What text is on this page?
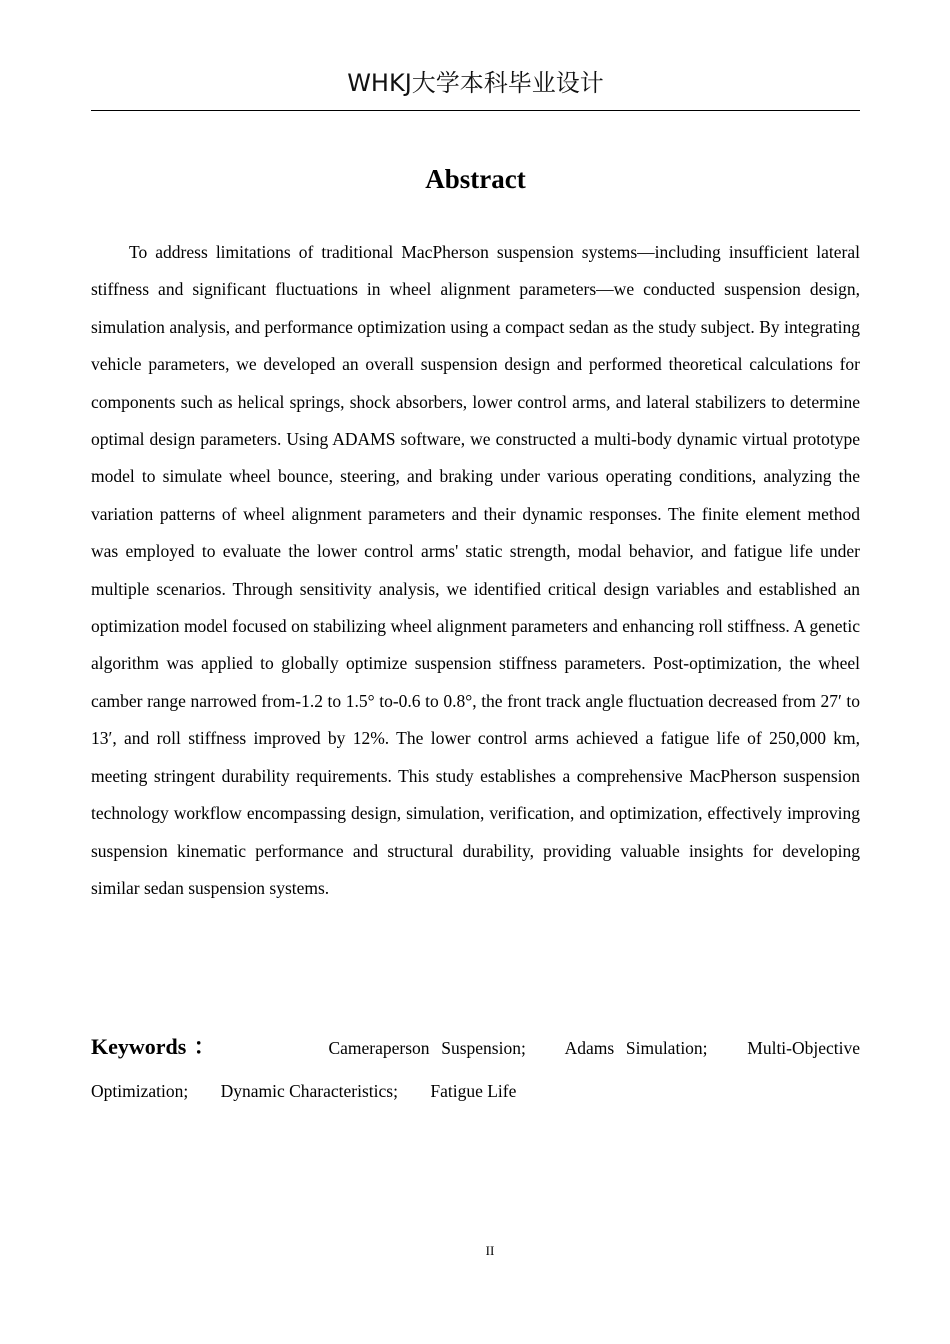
WHKJ大学本科毕业设计
Abstract

To address limitations of traditional MacPherson suspension systems—including insufficient lateral stiffness and significant fluctuations in wheel alignment parameters—we conducted suspension design, simulation analysis, and performance optimization using a compact sedan as the study subject. By integrating vehicle parameters, we developed an overall suspension design and performed theoretical calculations for components such as helical springs, shock absorbers, lower control arms, and lateral stabilizers to determine optimal design parameters. Using ADAMS software, we constructed a multi-body dynamic virtual prototype model to simulate wheel bounce, steering, and braking under various operating conditions, analyzing the variation patterns of wheel alignment parameters and their dynamic responses. The finite element method was employed to evaluate the lower control arms' static strength, modal behavior, and fatigue life under multiple scenarios. Through sensitivity analysis, we identified critical design variables and established an optimization model focused on stabilizing wheel alignment parameters and enhancing roll stiffness. A genetic algorithm was applied to globally optimize suspension stiffness parameters. Post-optimization, the wheel camber range narrowed from-1.2 to 1.5° to-0.6 to 0.8°, the front track angle fluctuation decreased from 27′ to 13′, and roll stiffness improved by 12%. The lower control arms achieved a fatigue life of 250,000 km, meeting stringent durability requirements. This study establishes a comprehensive MacPherson suspension technology workflow encompassing design, simulation, verification, and optimization, effectively improving suspension kinematic performance and structural durability, providing valuable insights for developing similar sedan suspension systems.

Keywords：	Cameraperson Suspension; Adams Simulation; Multi-Objective Optimization; Dynamic Characteristics; Fatigue Life
II
